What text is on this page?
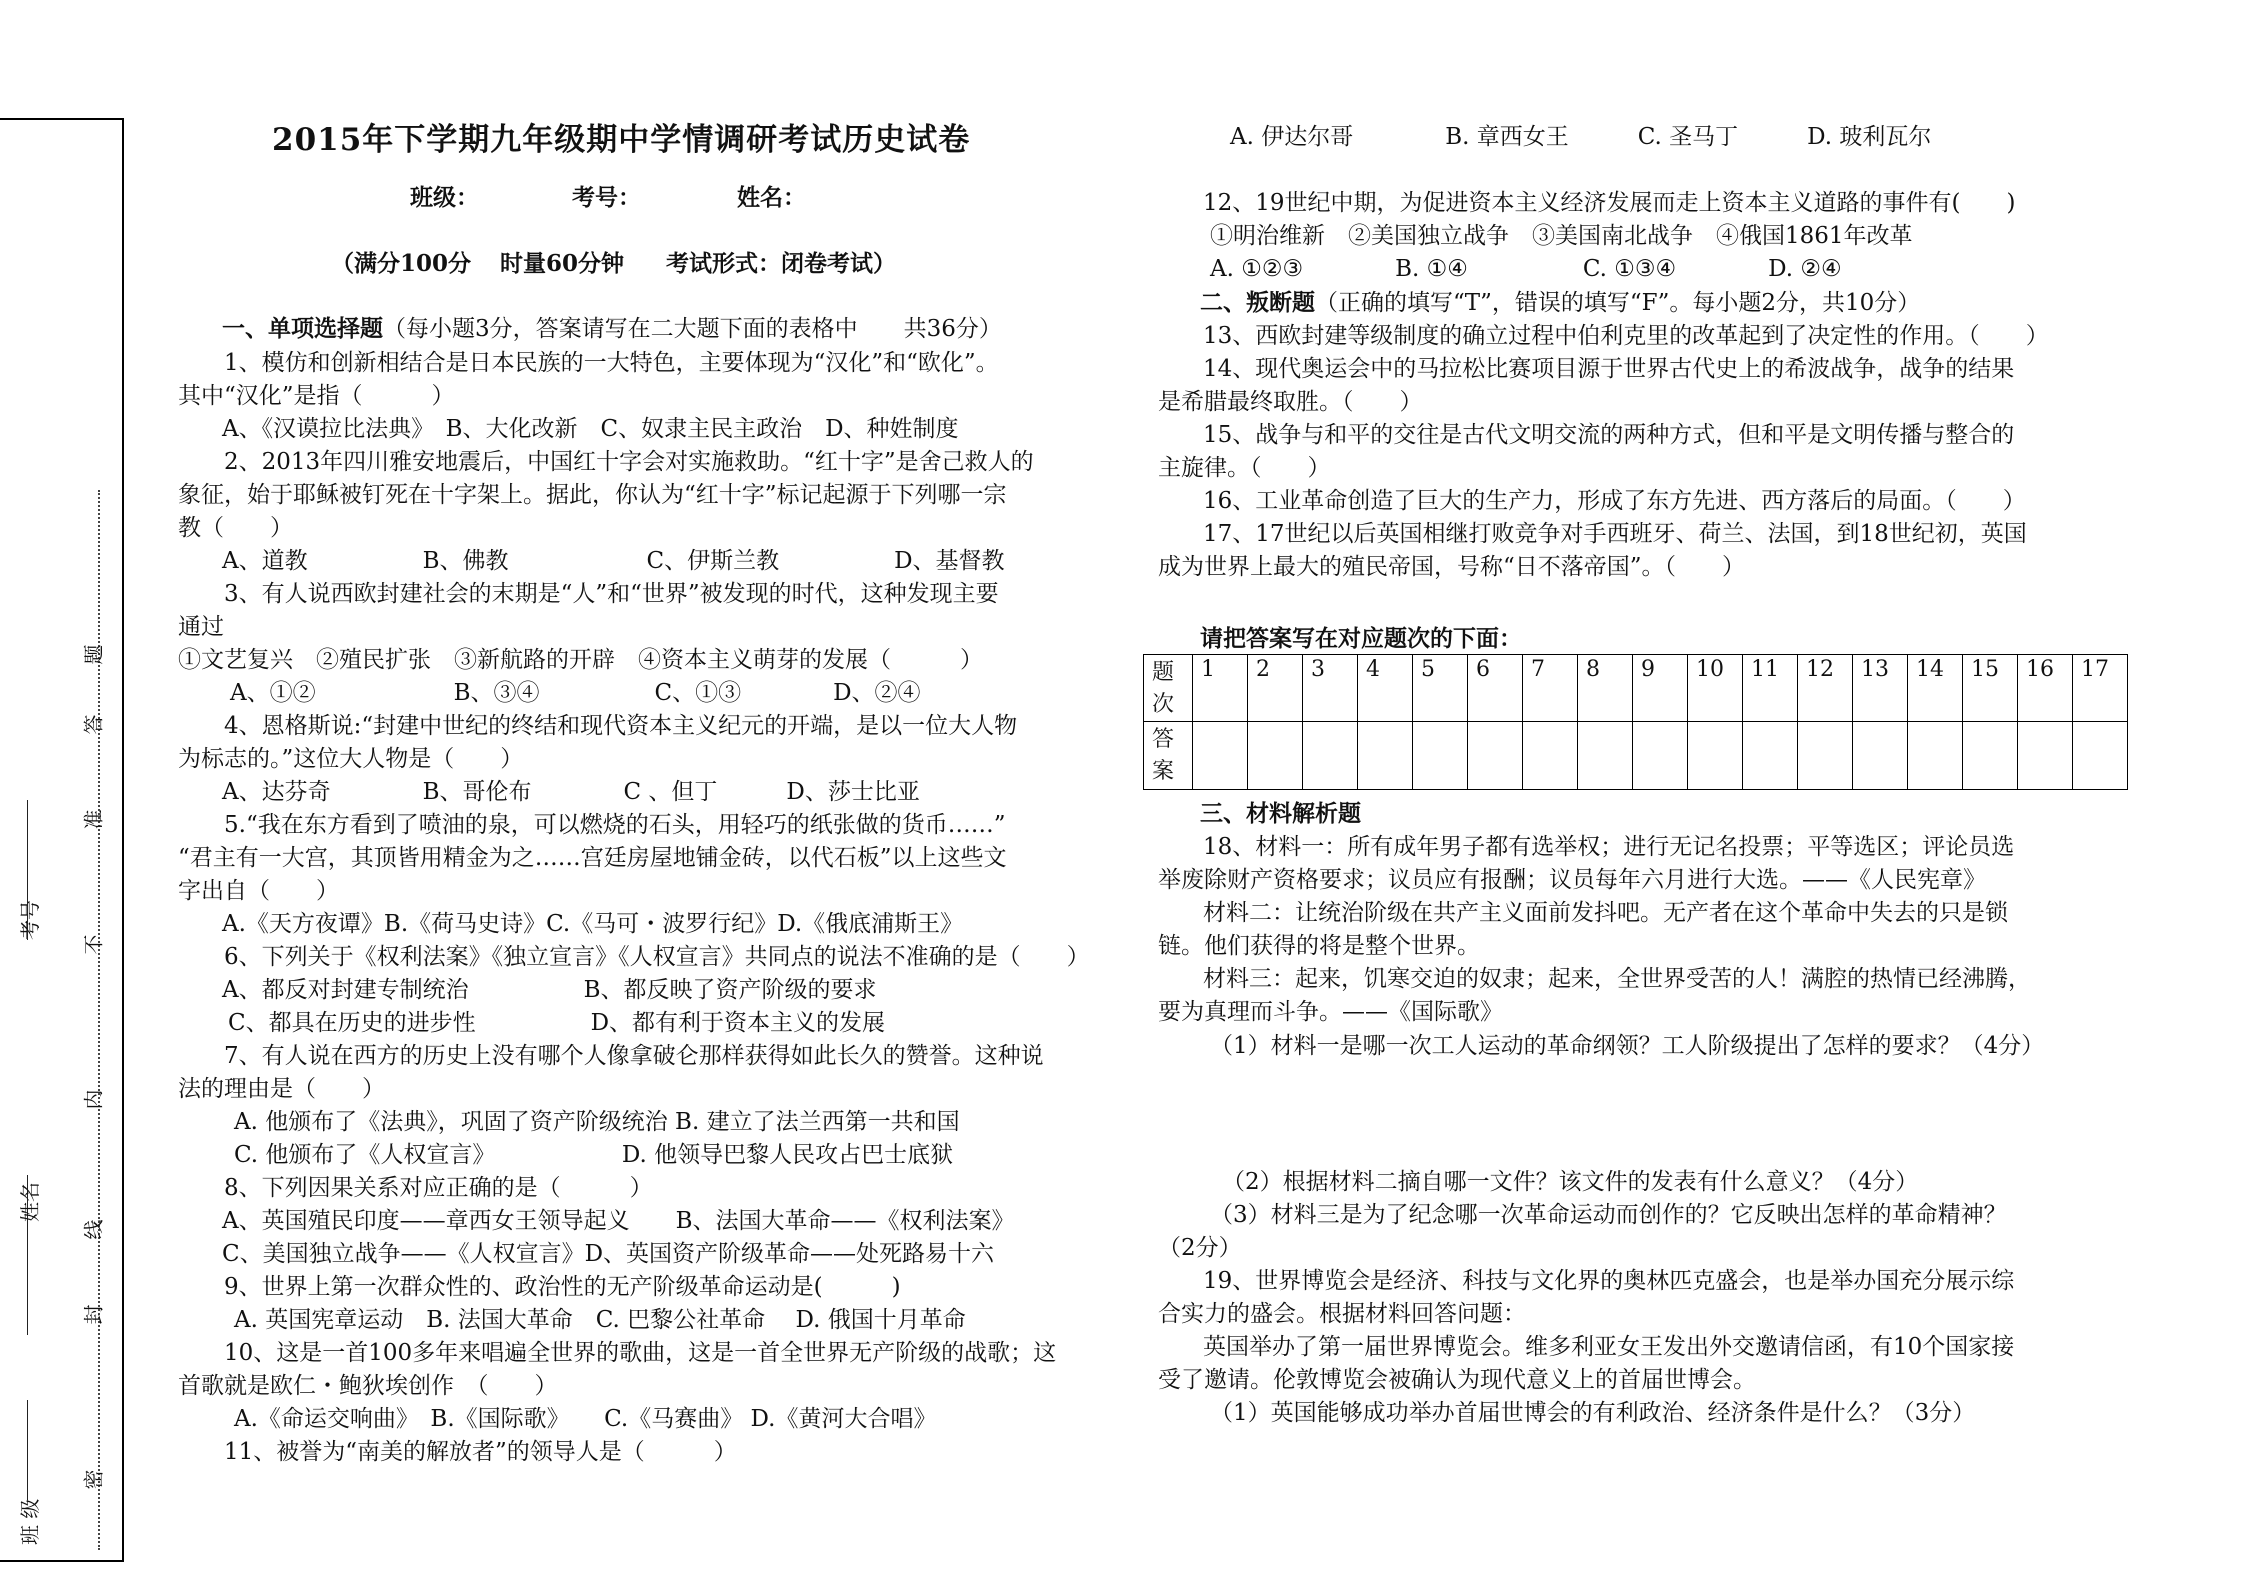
班 级
姓名
考号
密
封
线
内
不
准
答
题
2015年下学期九年级期中学情调研考试历史试卷
班级：	考号：	姓名：
（满分100分 时量60分钟 考试形式：闭卷考试）
一、单项选择题（每小题3分，答案请写在二大题下面的表格中　　共36分）
1、模仿和创新相结合是日本民族的一大特色，主要体现为“汉化”和“欧化”。
其中“汉化”是指（　　　）
A、《汉谟拉比法典》　B、大化改新　C、奴隶主民主政治　D、种姓制度
2、2013年四川雅安地震后，中国红十字会对实施救助。“红十字”是舍己救人的
象征，始于耶稣被钉死在十字架上。据此，你认为“红十字”标记起源于下列哪一宗
教（　　）
A、道教　　　　　B、佛教　　　　　　C、伊斯兰教　　　　　D、基督教
3、有人说西欧封建社会的末期是“人”和“世界”被发现的时代，这种发现主要
通过
①文艺复兴　②殖民扩张　③新航路的开辟　④资本主义萌芽的发展（　　　）
A、①②　　　　　　B、③④　　　　　C、①③　　　　D、②④
4、恩格斯说:“封建中世纪的终结和现代资本主义纪元的开端，是以一位大人物
为标志的。”这位大人物是（　　）
A、达芬奇　　　　B、哥伦布　　　　C 、但丁　　　D、莎士比亚
5.“我在东方看到了喷油的泉，可以燃烧的石头，用轻巧的纸张做的货币……”
“君主有一大宫，其顶皆用精金为之……宫廷房屋地铺金砖，以代石板”以上这些文
字出自（　　）
A.《天方夜谭》B.《荷马史诗》C.《马可・波罗行纪》D.《俄底浦斯王》
6、下列关于《权利法案》《独立宣言》《人权宣言》共同点的说法不准确的是（　　）
A、都反对封建专制统治　　　　　B、都反映了资产阶级的要求
C、都具在历史的进步性　　　　　D、都有利于资本主义的发展
7、有人说在西方的历史上没有哪个人像拿破仑那样获得如此长久的赞誉。这种说
法的理由是（　　）
A. 他颁布了《法典》，巩固了资产阶级统治 B. 建立了法兰西第一共和国
C. 他颁布了《人权宣言》　　　　　　D. 他领导巴黎人民攻占巴士底狱
8、下列因果关系对应正确的是（　　　）
A、英国殖民印度——章西女王领导起义　　B、法国大革命——《权利法案》
C、美国独立战争——《人权宣言》D、英国资产阶级革命——处死路易十六
9、世界上第一次群众性的、政治性的无产阶级革命运动是(　　　)
A. 英国宪章运动　B. 法国大革命　C. 巴黎公社革命　 D. 俄国十月革命
10、这是一首100多年来唱遍全世界的歌曲，这是一首全世界无产阶级的战歌；这
首歌就是欧仁・鲍狄埃创作　（　　）
A.《命运交响曲》　B.《国际歌》　　C.《马赛曲》 D.《黄河大合唱》
11、被誉为“南美的解放者”的领导人是（　　　）
A. 伊达尔哥　　　　B. 章西女王　　　C. 圣马丁　　　D. 玻利瓦尔
12、19世纪中期，为促进资本主义经济发展而走上资本主义道路的事件有(　　)
①明治维新　②美国独立战争　③美国南北战争　④俄国1861年改革
A. ①②③　　　　B. ①④　　　　　C. ①③④　　　　D. ②④
二、叛断题（正确的填写“T”，错误的填写“F”。每小题2分，共10分）
13、西欧封建等级制度的确立过程中伯利克里的改革起到了决定性的作用。（　　）
14、现代奥运会中的马拉松比赛项目源于世界古代史上的希波战争，战争的结果
是希腊最终取胜。（　　）
15、战争与和平的交往是古代文明交流的两种方式，但和平是文明传播与整合的
主旋律。（　　）
16、工业革命创造了巨大的生产力，形成了东方先进、西方落后的局面。（　　）
17、17世纪以后英国相继打败竞争对手西班牙、荷兰、法国，到18世纪初，英国
成为世界上最大的殖民帝国，号称“日不落帝国”。（　　）
请把答案写在对应题次的下面：
题
次	1	2	3	4	5	6	7	8	9	10	11	12	13	14	15	16	17
答
案																	
三、材料解析题
18、材料一：所有成年男子都有选举权；进行无记名投票；平等选区；评论员选
举废除财产资格要求；议员应有报酬；议员每年六月进行大选。——《人民宪章》
材料二：让统治阶级在共产主义面前发抖吧。无产者在这个革命中失去的只是锁
链。他们获得的将是整个世界。
材料三：起来，饥寒交迫的奴隶；起来，全世界受苦的人！满腔的热情已经沸腾，
要为真理而斗争。——《国际歌》
（1）材料一是哪一次工人运动的革命纲领？工人阶级提出了怎样的要求？（4分）
（2）根据材料二摘自哪一文件？该文件的发表有什么意义？（4分）
（3）材料三是为了纪念哪一次革命运动而创作的？它反映出怎样的革命精神？
（2分）
19、世界博览会是经济、科技与文化界的奥林匹克盛会，也是举办国充分展示综
合实力的盛会。根据材料回答问题：
英国举办了第一届世界博览会。维多利亚女王发出外交邀请信函，有10个国家接
受了邀请。伦敦博览会被确认为现代意义上的首届世博会。
（1）英国能够成功举办首届世博会的有利政治、经济条件是什么？（3分）
